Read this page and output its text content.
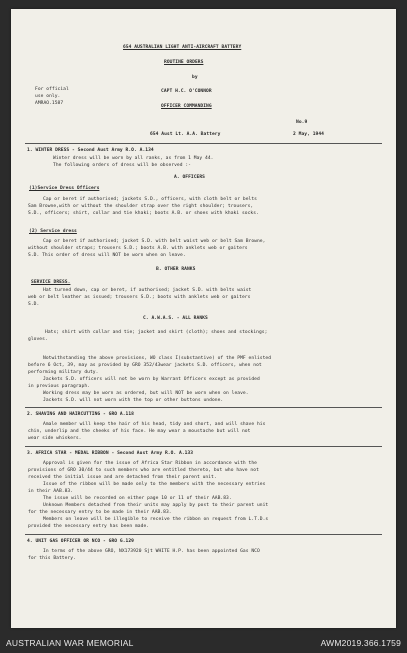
654 AUSTRALIAN LIGHT ANTI-AIRCRAFT BATTERY
ROUTINE ORDERS
by
CAPT H.C. O'CONNOR
OFFICER COMMANDING
For official
use only.
AMRAO.1587
No.9
654 Aust Lt. A.A. Battery	2 May, 1944
1. WINTER DRESS - Second Aust Army R.O. A.134
Winter dress will be worn by all ranks, as from 1 May 44.
The following orders of dress will be observed :-
A. OFFICERS
(1)Service Dress Officers
Cap or beret if authorised; jackets S.D., officers, with cloth belt or belts
Sam Browne,with or without the shoulder strap over the right shoulder; trousers,
S.D., officers; shirt, collar and tie khaki; boots A.B. or shoes with khaki socks.
(2) Service dress
Cap or beret if authorised; jacket S.D. with belt waist web or belt Sam Browne,
without shoulder straps; trousers S.D.; boots A.B. with anklets web or gaiters
S.D. This order of dress will NOT be worn when on leave.
B. OTHER RANKS
SERVICE DRESS.
Hat turned down, cap or beret, if authorised; jacket S.D. with belts waist
web or belt leather as issued; trousers S.D.; boots with anklets web or gaiters
S.D.
C. A.W.A.S. - ALL RANKS
Hats; shirt with collar and tie; jacket and skirt (cloth); shoes and stockings;
gloves.
Notwithstanding the above provisions, WO class I(substantive) of the PMF enlisted
before 6 Oct, 39, may as provided by GRO 352/43wear jackets S.D. officers, when not
performing military duty.
Jackets S.D. officers will not be worn by Warrant Officers except as provided
in previous paragraph.
Working dress may be worn as ordered, but will NOT be worn when on leave.
Jackets S.D. will not worn with the top or other buttons undone.
2. SHAVING AND HAIRCUTTING - GRO A.118
Amale member will keep the hair of his head, tidy and short, and will shave his
chin, underlip and the cheeks of his face. He may wear a moustache but will not
wear side whiskers.
3. AFRICA STAR - MEDAL RIBBON - Second Aust Army R.O. A.133
Approval is given for the issue of Africa Star Ribbon in accordance with the
provisions of GRO 30/44 to such members who are entitled thereto, but who have not
received the initial issue and are detached from their parent unit.
Issue of the ribbon will be made only to the members with the necessary entries
in their AAB.83.
The issue will be recorded on either page 10 or 11 of their AAB.83.
Unknown Members detached from their units may apply by post to their parent unit
for the necessary entry to be made in their AAB.83.
Members on leave will be illegible to receive the ribbon on request from L.T.D.s
provided the necessary entry has been made.
4. UNIT GAS OFFICER OR NCO - GRO G.129
In terms of the above GRO, NX173920 Sjt WHITE H.P. has been appointed Gas NCO
for this Battery.
AUSTRALIAN WAR MEMORIAL	AWM2019.366.1759
